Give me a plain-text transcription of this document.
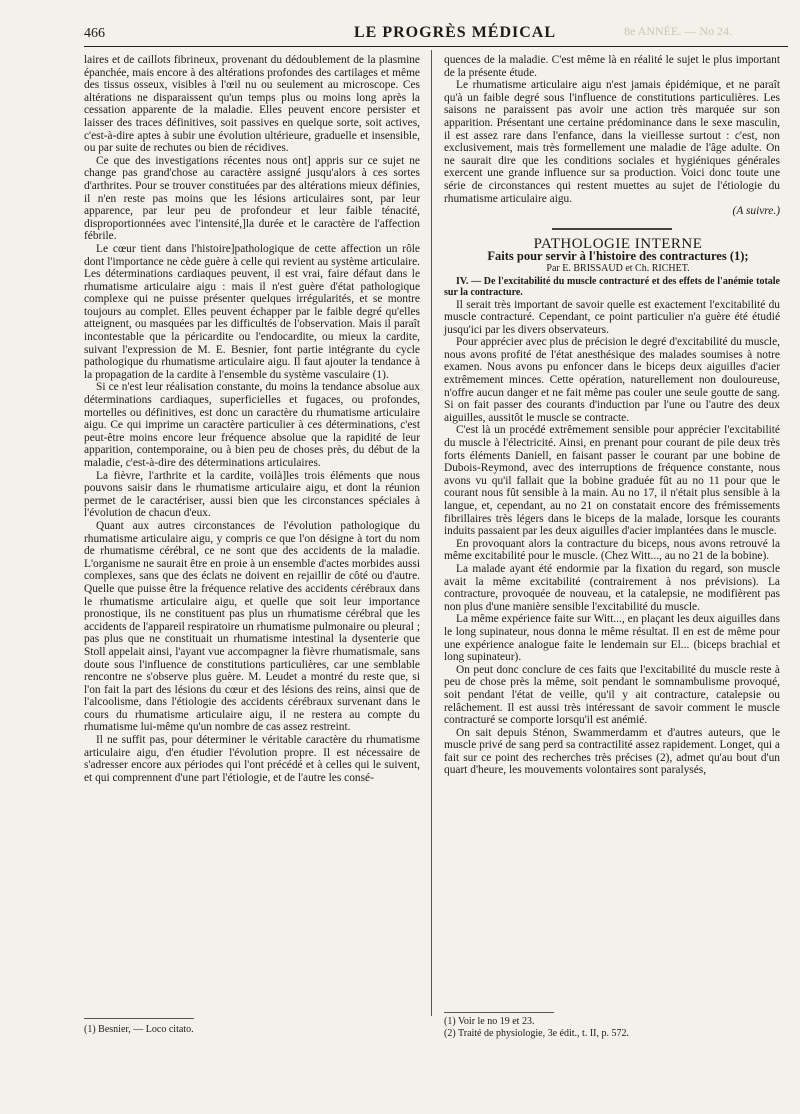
466	LE PROGRÈS MÉDICAL	8e ANNÉE. — No 24.

laires et de caillots fibrineux, provenant du dédoublement de la plasmine épanchée, mais encore à des altérations profondes des cartilages et même des tissus osseux, visibles à l'œil nu ou seulement au microscope. Ces altérations ne disparaissent qu'un temps plus ou moins long après la cessation apparente de la maladie. Elles peuvent encore persister et laisser des traces définitives, soit passives en quelque sorte, soit actives, c'est-à-dire aptes à subir une évolution ultérieure, graduelle et insensible, ou par suite de rechutes ou bien de récidives.

Ce que des investigations récentes nous ont] appris sur ce sujet ne change pas grand'chose au caractère assigné jusqu'alors à ces sortes d'arthrites. Pour se trouver constituées par des altérations mieux définies, il n'en reste pas moins que les lésions articulaires sont, par leur apparence, par leur peu de profondeur et leur faible ténacité, disproportionnées avec l'intensité,]la durée et le caractère de l'affection fébrile.

Le cœur tient dans l'histoire]pathologique de cette affection un rôle dont l'importance ne cède guère à celle qui revient au système articulaire. Les déterminations cardiaques peuvent, il est vrai, faire défaut dans le rhumatisme articulaire aigu : mais il n'est guère d'état pathologique complexe qui ne puisse présenter quelques irrégularités, et se montre toujours au complet. Elles peuvent échapper par le faible degré qu'elles atteignent, ou masquées par les difficultés de l'observation. Mais il paraît incontestable que la péricardite ou l'endocardite, ou mieux la cardite, suivant l'expression de M. E. Besnier, font partie intégrante du cycle pathologique du rhumatisme articulaire aigu. Il faut ajouter la tendance à la propagation de la cardite à l'ensemble du système vasculaire (1).

Si ce n'est leur réalisation constante, du moins la tendance absolue aux déterminations cardiaques, superficielles et fugaces, ou profondes, mortelles ou définitives, est donc un caractère du rhumatisme articulaire aigu. Ce qui imprime un caractère particulier à ces déterminations, c'est peut-être moins encore leur fréquence absolue que la rapidité de leur apparition, contemporaine, ou à bien peu de choses près, du début de la maladie, c'est-à-dire des déterminations articulaires.

La fièvre, l'arthrite et la cardite, voilà]les trois éléments que nous pouvons saisir dans le rhumatisme articulaire aigu, et dont la réunion permet de le caractériser, aussi bien que les circonstances spéciales à l'évolution de chacun d'eux.

Quant aux autres circonstances de l'évolution pathologique du rhumatisme articulaire aigu, y compris ce que l'on désigne à tort du nom de rhumatisme cérébral, ce ne sont que des accidents de la maladie. L'organisme ne saurait être en proie à un ensemble d'actes morbides aussi complexes, sans que des éclats ne doivent en rejaillir de côté ou d'autre. Quelle que puisse être la fréquence relative des accidents cérébraux dans le rhumatisme articulaire aigu, et quelle que soit leur importance pronostique, ils ne constituent pas plus un rhumatisme cérébral que les accidents de l'appareil respiratoire un rhumatisme pulmonaire ou pleural ; pas plus que ne constituait un rhumatisme intestinal la dysenterie que Stoll appelait ainsi, l'ayant vue accompagner la fièvre rhumatismale, sans doute sous l'influence de constitutions particulières, car une semblable rencontre ne s'observe plus guère. M. Leudet a montré du reste que, si l'on fait la part des lésions du cœur et des lésions des reins, ainsi que de l'alcoolisme, dans l'étiologie des accidents cérébraux survenant dans le cours du rhumatisme articulaire aigu, il ne restera au compte du rhumatisme lui-même qu'un nombre de cas assez restreint.

Il ne suffit pas, pour déterminer le véritable caractère du rhumatisme articulaire aigu, d'en étudier l'évolution propre. Il est nécessaire de s'adresser encore aux périodes qui l'ont précédé et à celles qui le suivent, et qui comprennent d'une part l'étiologie, et de l'autre les consé-

(1) Besnier, — Loco citato.

quences de la maladie. C'est même là en réalité le sujet le plus important de la présente étude.

Le rhumatisme articulaire aigu n'est jamais épidémique, et ne paraît qu'à un faible degré sous l'influence de constitutions particulières. Les saisons ne paraissent pas avoir une action très marquée sur son apparition. Présentant une certaine prédominance dans le sexe masculin, il est assez rare dans l'enfance, dans la vieillesse surtout : c'est, non exclusivement, mais très formellement une maladie de l'âge adulte. On ne saurait dire que les conditions sociales et hygiéniques générales exercent une grande influence sur sa production. Voici donc toute une série de circonstances qui restent muettes au sujet de l'étiologie du rhumatisme articulaire aigu.

(A suivre.)

PATHOLOGIE INTERNE

Faits pour servir à l'histoire des contractures (1);

Par E. BRISSAUD et Ch. RICHET.

IV. — De l'excitabilité du muscle contracturé et des effets de l'anémie totale sur la contracture.

Il serait très important de savoir quelle est exactement l'excitabilité du muscle contracturé. Cependant, ce point particulier n'a guère été étudié jusqu'ici par les divers observateurs.

Pour apprécier avec plus de précision le degré d'excitabilité du muscle, nous avons profité de l'état anesthésique des malades soumises à notre examen. Nous avons pu enfoncer dans le biceps deux aiguilles d'acier extrêmement minces. Cette opération, naturellement non douloureuse, n'offre aucun danger et ne fait même pas couler une seule goutte de sang. Si on fait passer des courants d'induction par l'une ou l'autre des deux aiguilles, aussitôt le muscle se contracte.

C'est là un procédé extrêmement sensible pour apprécier l'excitabilité du muscle à l'électricité. Ainsi, en prenant pour courant de pile deux très forts éléments Daniell, en faisant passer le courant par une bobine de Dubois-Reymond, avec des interruptions de fréquence constante, nous avons vu qu'il fallait que la bobine graduée fût au no 11 pour que le courant nous fût sensible à la main. Au no 17, il n'était plus sensible à la langue, et, cependant, au no 21 on constatait encore des frémissements fibrillaires très légers dans le biceps de la malade, lorsque les courants induits passaient par les deux aiguilles d'acier implantées dans le muscle.

En provoquant alors la contracture du biceps, nous avons retrouvé la même excitabilité pour le muscle. (Chez Witt..., au no 21 de la bobine).

La malade ayant été endormie par la fixation du regard, son muscle avait la même excitabilité (contrairement à nos prévisions). La contracture, provoquée de nouveau, et la catalepsie, ne modifièrent pas non plus d'une manière sensible l'excitabilité du muscle.

La même expérience faite sur Witt..., en plaçant les deux aiguilles dans le long supinateur, nous donna le même résultat. Il en est de même pour une expérience analogue faite le lendemain sur El... (biceps brachial et long supinateur).

On peut donc conclure de ces faits que l'excitabilité du muscle reste à peu de chose près la même, soit pendant le somnambulisme provoqué, soit pendant l'état de veille, qu'il y ait contracture, catalepsie ou relâchement. Il est aussi très intéressant de savoir comment le muscle contracturé se comporte lorsqu'il est anémié.

On sait depuis Sténon, Swammerdamm et d'autres auteurs, que le muscle privé de sang perd sa contractilité assez rapidement. Longet, qui a fait sur ce point des recherches très précises (2), admet qu'au bout d'un quart d'heure, les mouvements volontaires sont paralysés,

(1) Voir le no 19 et 23.
(2) Traité de physiologie, 3e édit., t. II, p. 572.
